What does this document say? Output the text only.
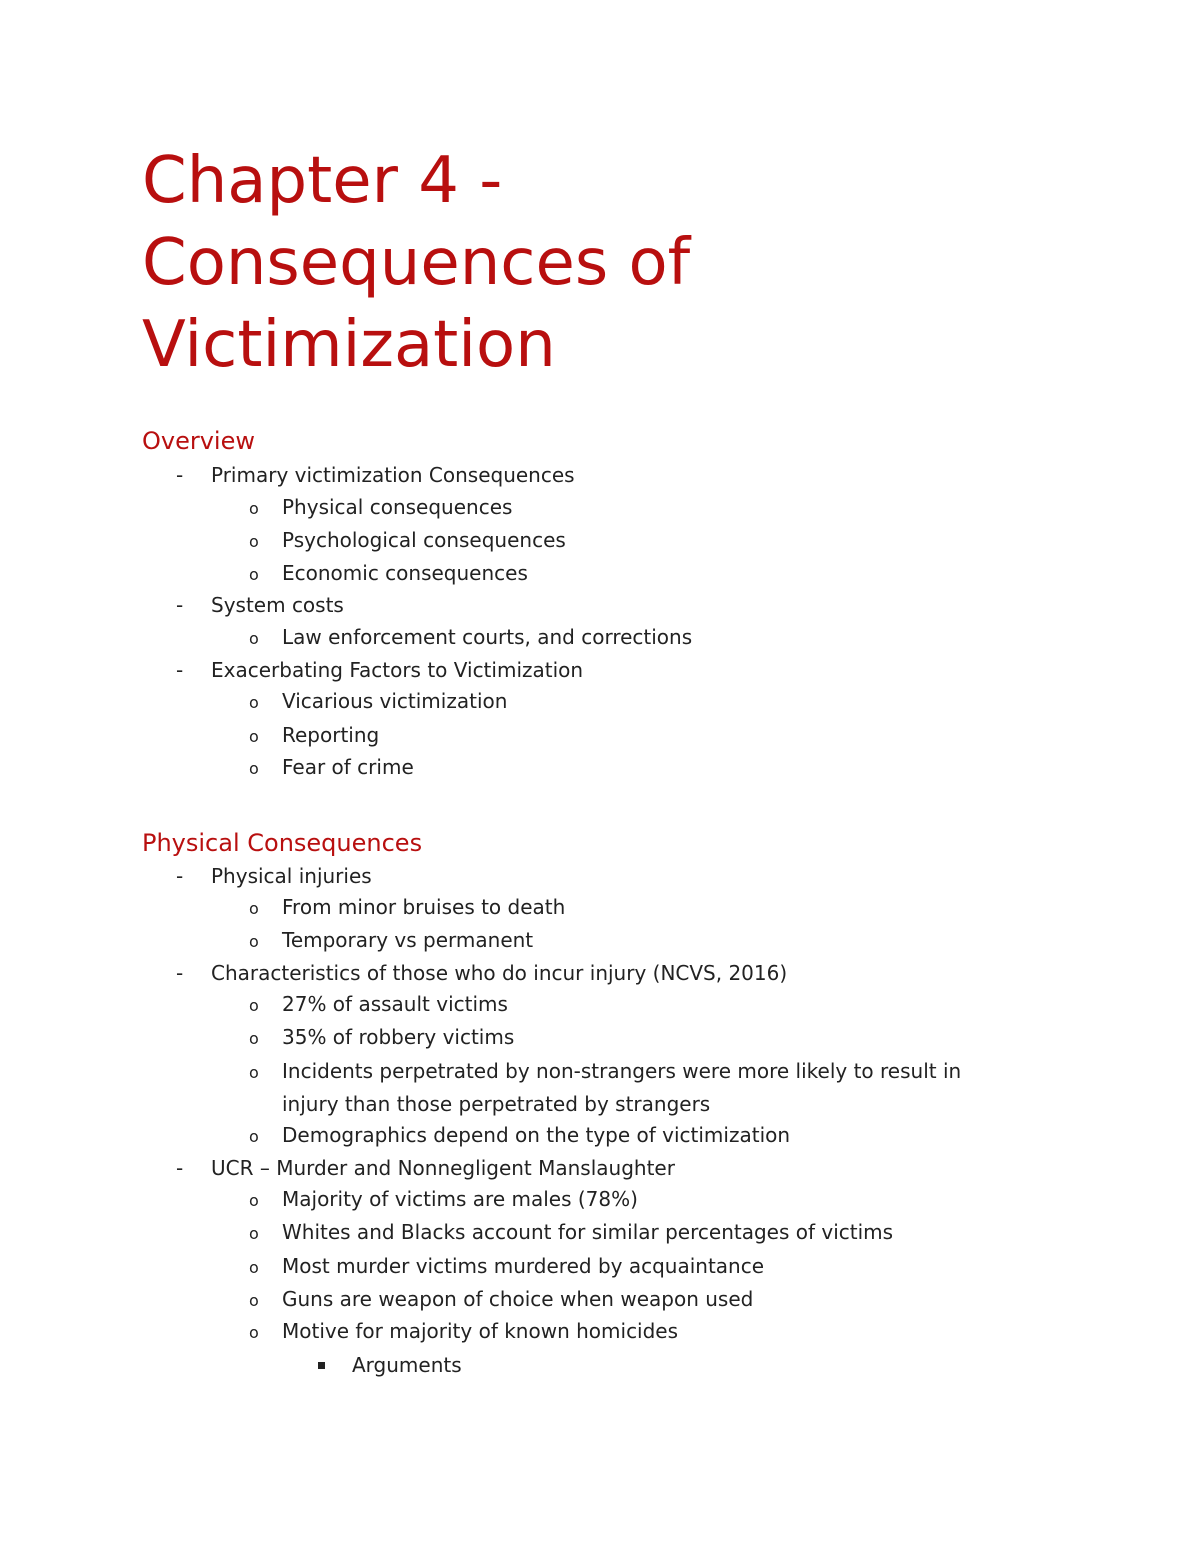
Chapter 4 -
Consequences of
Victimization
Overview
- Primary victimization Consequences
o Physical consequences
o Psychological consequences
o Economic consequences
- System costs
o Law enforcement courts, and corrections
- Exacerbating Factors to Victimization
o Vicarious victimization
o Reporting
o Fear of crime
Physical Consequences
- Physical injuries
o From minor bruises to death
o Temporary vs permanent
- Characteristics of those who do incur injury (NCVS, 2016)
o 27% of assault victims
o 35% of robbery victims
o Incidents perpetrated by non-strangers were more likely to result in
injury than those perpetrated by strangers
o Demographics depend on the type of victimization
- UCR – Murder and Nonnegligent Manslaughter
o Majority of victims are males (78%)
o Whites and Blacks account for similar percentages of victims
o Most murder victims murdered by acquaintance
o Guns are weapon of choice when weapon used
o Motive for majority of known homicides
Arguments
